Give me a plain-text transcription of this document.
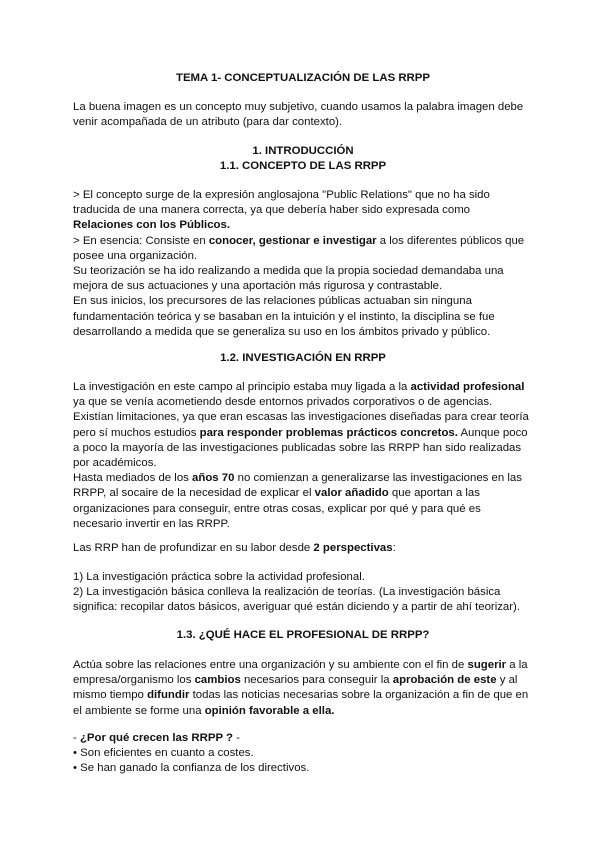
TEMA 1- CONCEPTUALIZACIÓN DE LAS RRPP

La buena imagen es un concepto muy subjetivo, cuando usamos la palabra imagen debe venir acompañada de un atributo (para dar contexto).

1. INTRODUCCIÓN
1.1. CONCEPTO DE LAS RRPP

> El concepto surge de la expresión anglosajona "Public Relations" que no ha sido traducida de una manera correcta, ya que debería haber sido expresada como Relaciones con los Públicos.

> En esencia: Consiste en conocer, gestionar e investigar a los diferentes públicos que posee una organización.

Su teorización se ha ido realizando a medida que la propia sociedad demandaba una mejora de sus actuaciones y una aportación más rigurosa y contrastable.

En sus inicios, los precursores de las relaciones públicas actuaban sin ninguna fundamentación teórica y se basaban en la intuición y el instinto, la disciplina se fue desarrollando a medida que se generaliza su uso en los ámbitos privado y público.

1.2. INVESTIGACIÓN EN RRPP

La investigación en este campo al principio estaba muy ligada a la actividad profesional ya que se venía acometiendo desde entornos privados corporativos o de agencias.

Existían limitaciones, ya que eran escasas las investigaciones diseñadas para crear teoría pero sí muchos estudios para responder problemas prácticos concretos. Aunque poco a poco la mayoría de las investigaciones publicadas sobre las RRPP han sido realizadas por académicos.

Hasta mediados de los años 70 no comienzan a generalizarse las investigaciones en las RRPP, al socaire de la necesidad de explicar el valor añadido que aportan a las organizaciones para conseguir, entre otras cosas, explicar por qué y para qué es necesario invertir en las RRPP.

Las RRP han de profundizar en su labor desde 2 perspectivas:

1) La investigación práctica sobre la actividad profesional.

2) La investigación básica conlleva la realización de teorías. (La investigación básica significa: recopilar datos básicos, averiguar qué están diciendo y a partir de ahí teorizar).

1.3. ¿QUÉ HACE EL PROFESIONAL DE RRPP?

Actúa sobre las relaciones entre una organización y su ambiente con el fin de sugerir a la empresa/organismo los cambios necesarios para conseguir la aprobación de este y al mismo tiempo difundir todas las noticias necesarias sobre la organización a fin de que en el ambiente se forme una opinión favorable a ella.

- ¿Por qué crecen las RRPP ? -

• Son eficientes en cuanto a costes.
• Se han ganado la confianza de los directivos.
